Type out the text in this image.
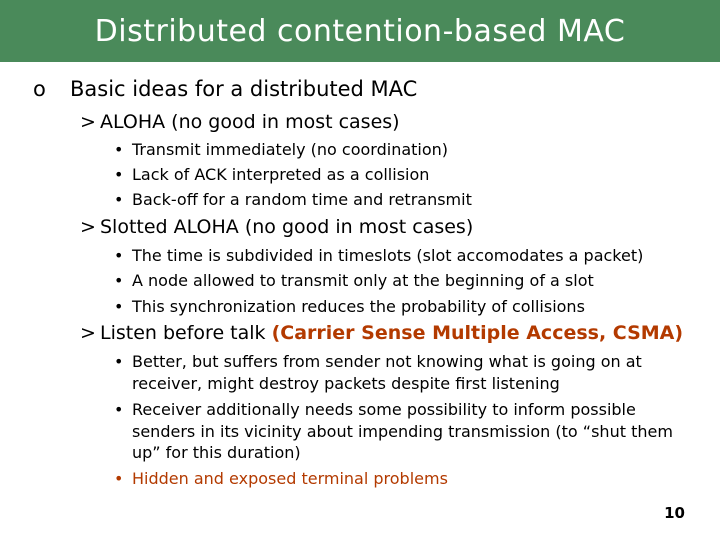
Distributed contention-based MAC
o Basic ideas for a distributed MAC
> ALOHA (no good in most cases)
• Transmit immediately (no coordination)
• Lack of ACK interpreted as a collision
• Back-off for a random time and retransmit
> Slotted ALOHA (no good in most cases)
• The time is subdivided in timeslots (slot accomodates a packet)
• A node allowed to transmit only at the beginning of a slot
• This synchronization reduces the probability of collisions
> Listen before talk (Carrier Sense Multiple Access, CSMA)
• Better, but suffers from sender not knowing what is going on at
receiver, might destroy packets despite first listening
• Receiver additionally needs some possibility to inform possible
senders in its vicinity about impending transmission (to “shut them
up” for this duration)
• Hidden and exposed terminal problems
10
